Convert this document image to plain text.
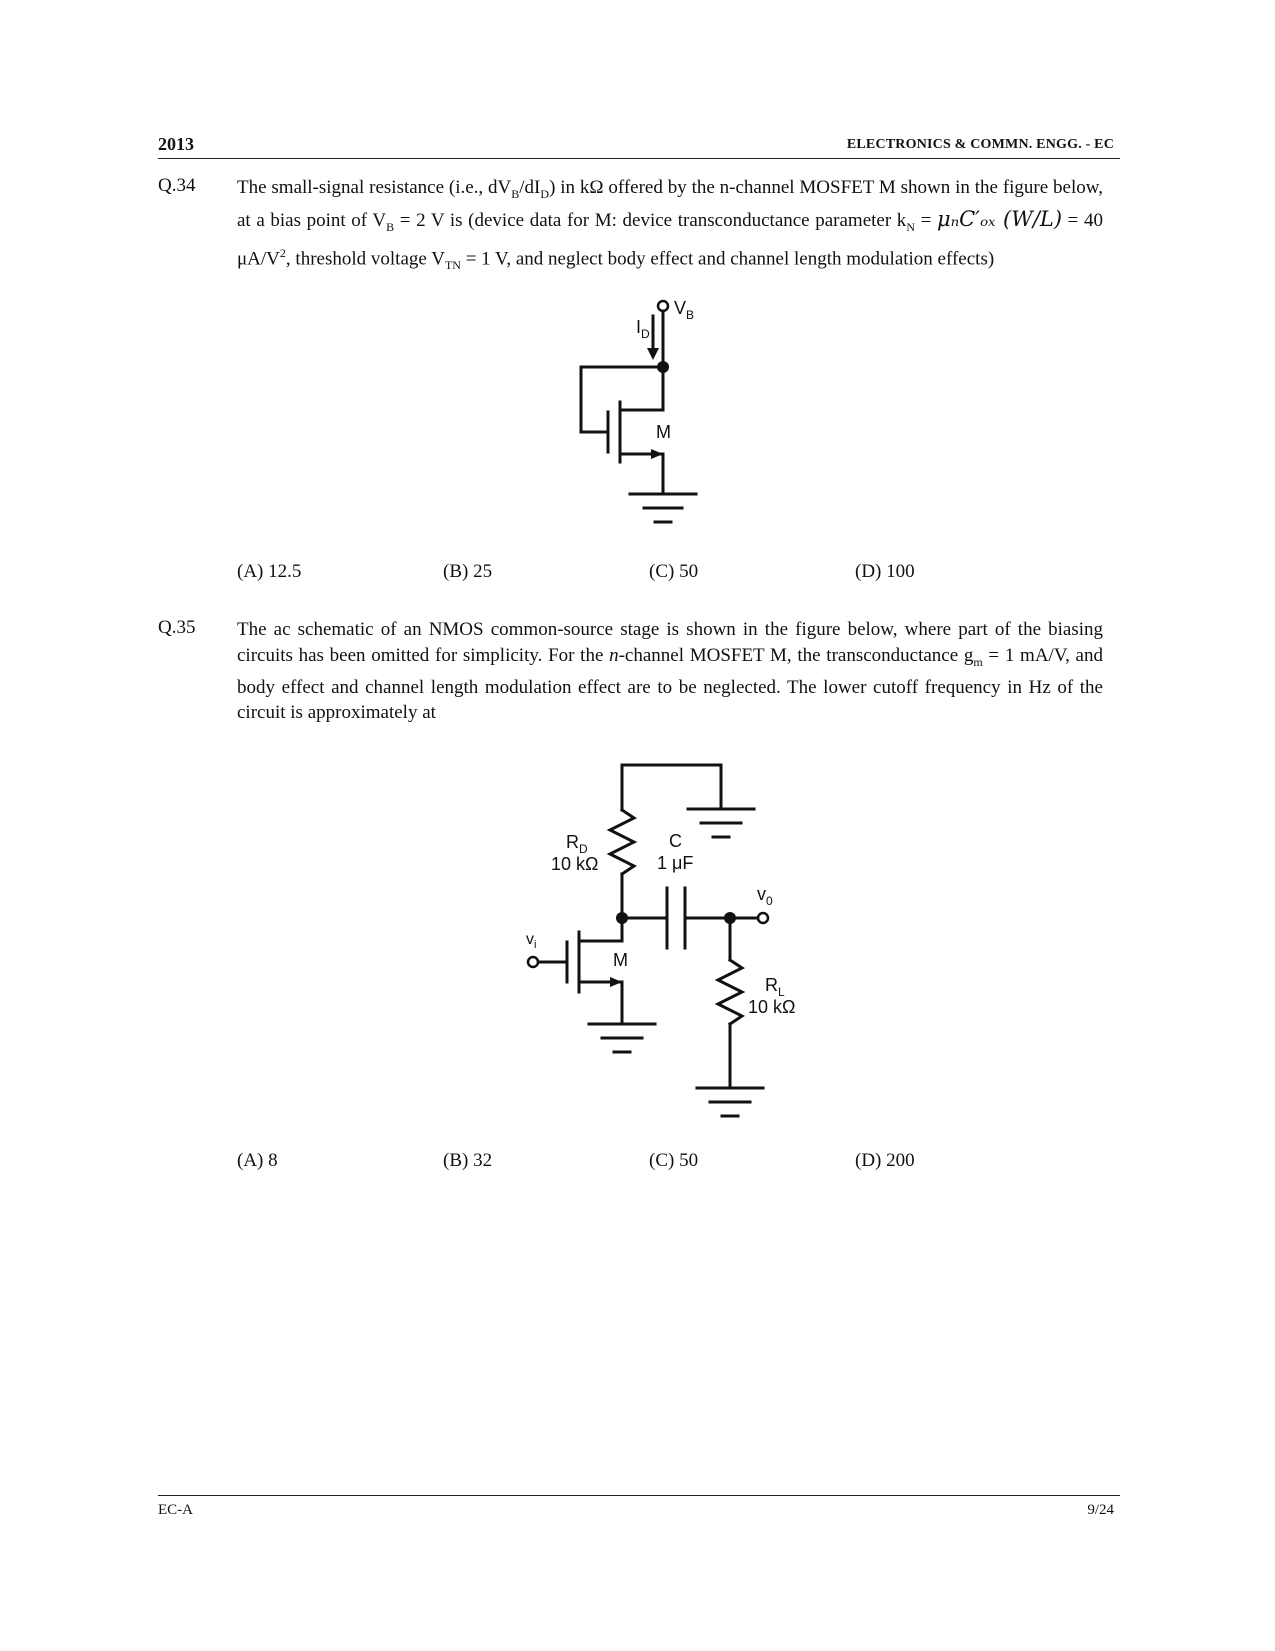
2013	ELECTRONICS & COMMN. ENGG. - EC
Q.34 The small-signal resistance (i.e., $dV_B/dI_D$) in kΩ offered by the n-channel MOSFET M shown in the figure below, at a bias point of $V_B = 2$ V is (device data for M: device transconductance parameter $k_N = \mu_nC'_{ox}$ (W/L) = 40 $\mu A/V^2$, threshold voltage $V_{TN} = 1$ V, and neglect body effect and channel length modulation effects)
$V_B$
$I_D$
M
(A) 12.5	(B) 25	(C) 50	(D) 100
Q.35 The ac schematic of an NMOS common-source stage is shown in the figure below, where part of the biasing circuits has been omitted for simplicity. For the n-channel MOSFET M, the transconductance $g_m = 1$ mA/V, and body effect and channel length modulation effect are to be neglected. The lower cutoff frequency in Hz of the circuit is approximately at
$R_D$
10 kΩ
C
1 μF
$v_0$
$v_i$
M
$R_L$
10 kΩ
(A) 8	(B) 32	(C) 50	(D) 200
EC-A	9/24
